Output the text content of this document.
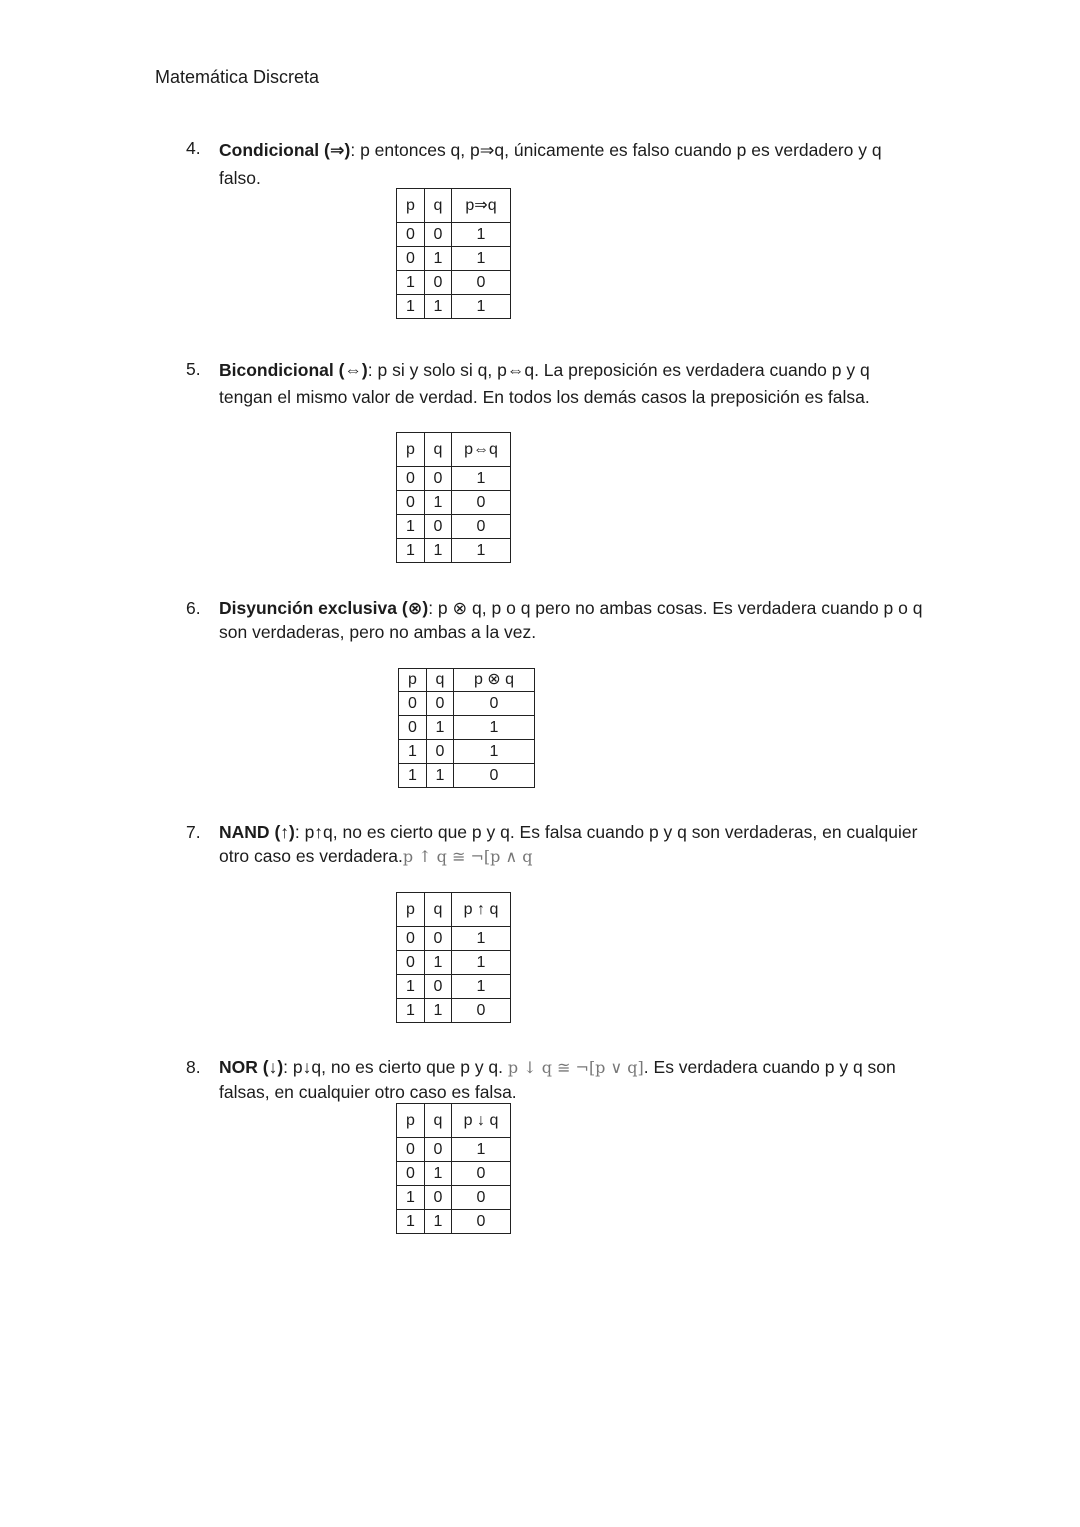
Matemática Discreta
4. Condicional (⇒): p entonces q, p⇒q, únicamente es falso cuando p es verdadero y q falso.
p	q	p⇒q
0	0	1
0	1	1
1	0	0
1	1	1
5. Bicondicional (⇔): p si y solo si q, p⇔q. La preposición es verdadera cuando p y q tengan el mismo valor de verdad. En todos los demás casos la preposición es falsa.
p	q	p⇔q
0	0	1
0	1	0
1	0	0
1	1	1
6. Disyunción exclusiva (⊗): p ⊗ q, p o q pero no ambas cosas. Es verdadera cuando p o q son verdaderas, pero no ambas a la vez.
p	q	p ⊗ q
0	0	0
0	1	1
1	0	1
1	1	0
7. NAND (↑): p↑q, no es cierto que p y q. Es falsa cuando p y q son verdaderas, en cualquier otro caso es verdadera.p ↑ q ≅ ¬[p ∧ q
p	q	p ↑ q
0	0	1
0	1	1
1	0	1
1	1	0
8. NOR (↓): p↓q, no es cierto que p y q. p ↓ q ≅ ¬[p ∨ q]. Es verdadera cuando p y q son falsas, en cualquier otro caso es falsa.
p	q	p ↓ q
0	0	1
0	1	0
1	0	0
1	1	0
